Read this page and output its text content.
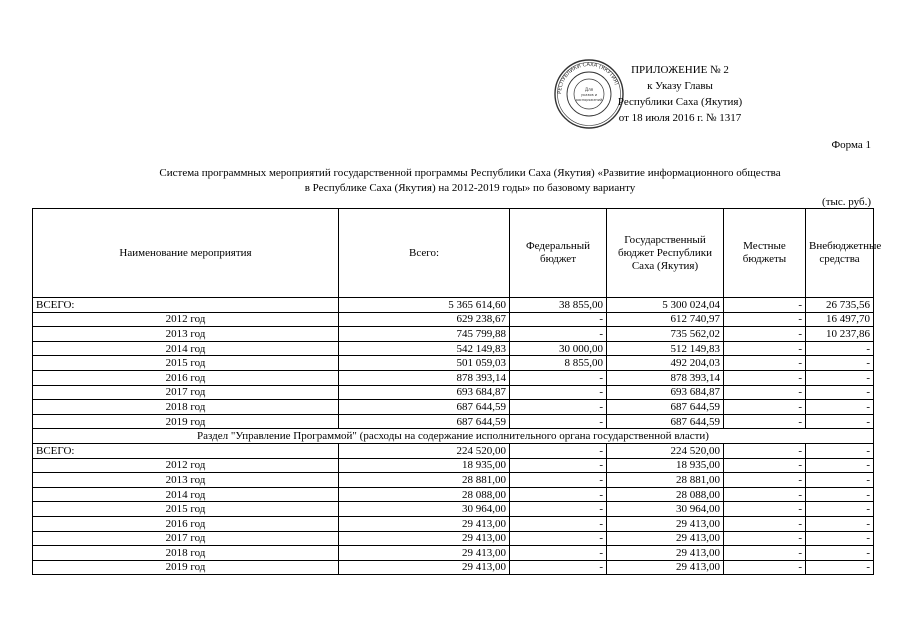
РЕСПУБЛИКИ САХА (ЯКУТИЯ)
Для
указов и
распоряжений
ПРИЛОЖЕНИЕ № 2
к Указу Главы
Республики Саха (Якутия)
от 18 июля 2016 г. № 1317
Форма 1
Система программных мероприятий государственной программы Республики Саха (Якутия) «Развитие информационного общества
в Республике Саха (Якутия) на 2012-2019 годы» по базовому варианту
(тыс. руб.)
Наименование мероприятия	Всего:	Федеральный бюджет	Государственный бюджет Республики Саха (Якутия)	Местные бюджеты	Внебюджетные средства
ВСЕГО:	5 365 614,60	38 855,00	5 300 024,04	-	26 735,56
2012 год	629 238,67	-	612 740,97	-	16 497,70
2013 год	745 799,88	-	735 562,02	-	10 237,86
2014 год	542 149,83	30 000,00	512 149,83	-	-
2015 год	501 059,03	8 855,00	492 204,03	-	-
2016 год	878 393,14	-	878 393,14	-	-
2017 год	693 684,87	-	693 684,87	-	-
2018 год	687 644,59	-	687 644,59	-	-
2019 год	687 644,59	-	687 644,59	-	-
Раздел "Управление Программой" (расходы на содержание исполнительного органа государственной власти)					
ВСЕГО:	224 520,00	-	224 520,00	-	-
2012 год	18 935,00	-	18 935,00	-	-
2013 год	28 881,00	-	28 881,00	-	-
2014 год	28 088,00	-	28 088,00	-	-
2015 год	30 964,00	-	30 964,00	-	-
2016 год	29 413,00	-	29 413,00	-	-
2017 год	29 413,00	-	29 413,00	-	-
2018 год	29 413,00	-	29 413,00	-	-
2019 год	29 413,00	-	29 413,00	-	-
